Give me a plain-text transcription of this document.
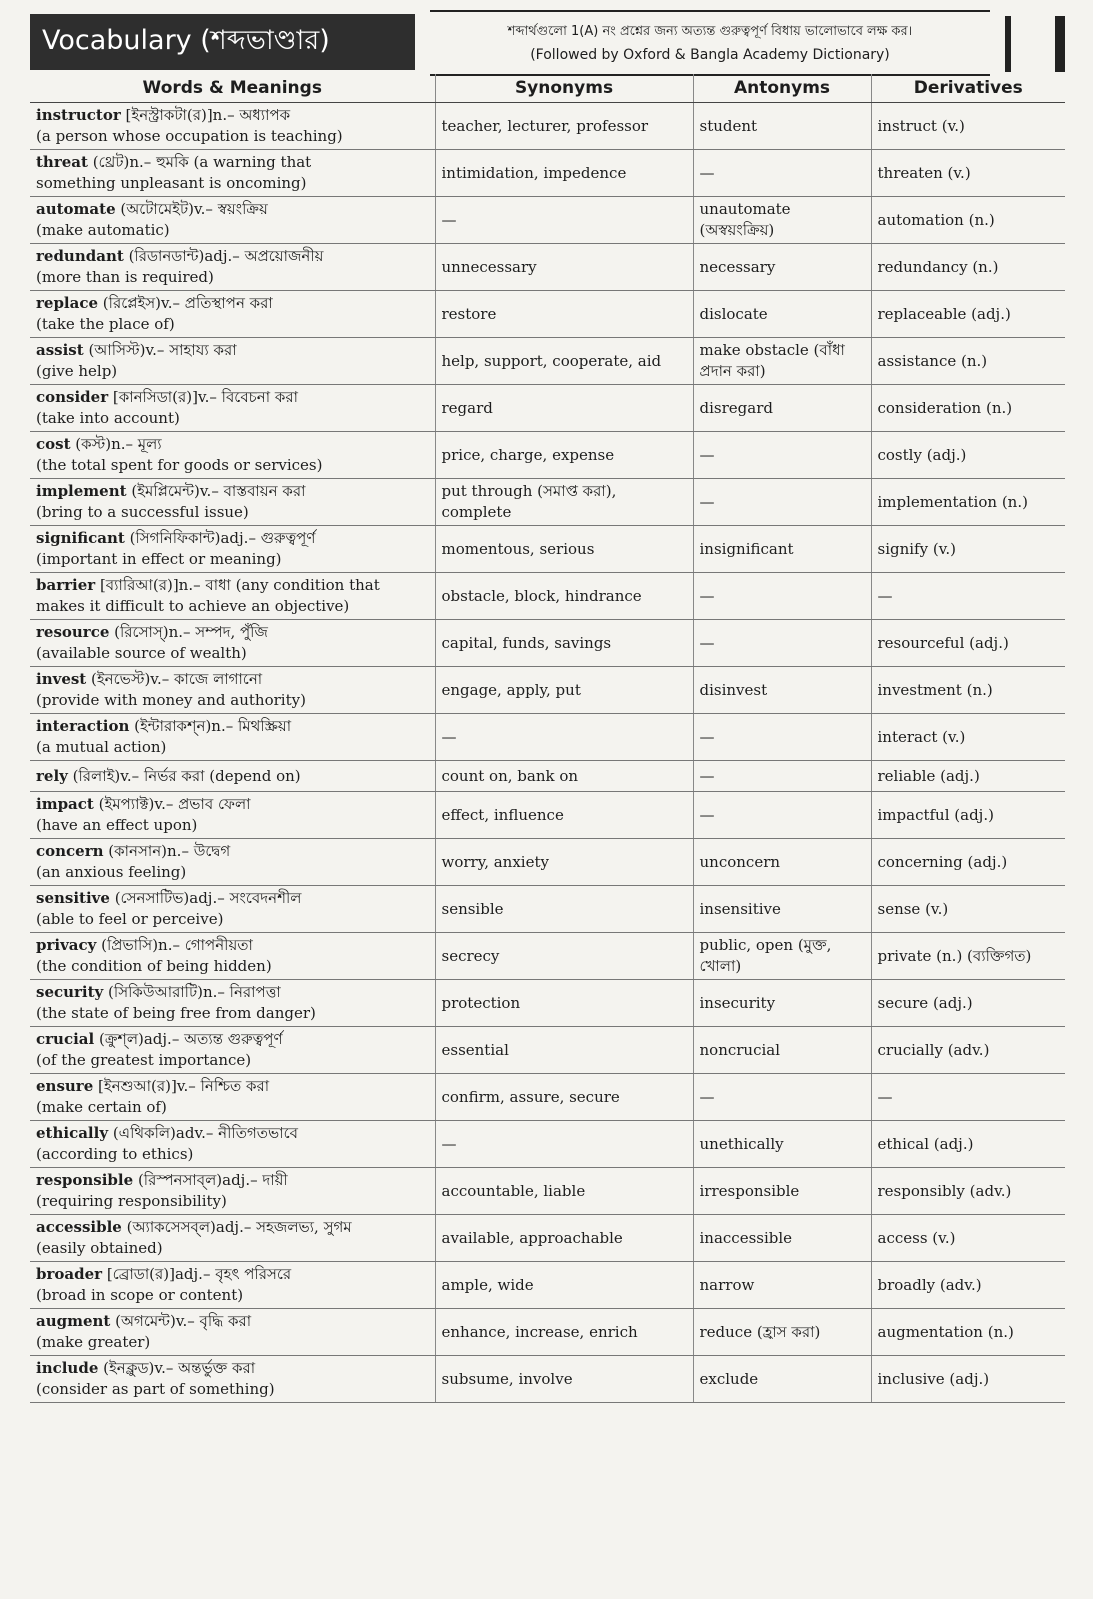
Vocabulary (শব্দভাণ্ডার)	শব্দার্থগুলো 1(A) নং প্রশ্নের জন্য অত্যন্ত গুরুত্বপূর্ণ বিধায় ভালোভাবে লক্ষ কর।
(Followed by Oxford & Bangla Academy Dictionary)
Words & Meanings	Synonyms	Antonyms	Derivatives

instructor [ইনস্ট্রাকটা(র)]n.– অধ্যাপক
(a person whose occupation is teaching)	teacher, lecturer, professor	student	instruct (v.)

threat (থ্রেট)n.– হুমকি (a warning that
something unpleasant is oncoming)	intimidation, impedence	—	threaten (v.)

automate (অটোমেইট)v.– স্বয়ংক্রিয়
(make automatic)	—	unautomate (অস্বয়ংক্রিয়)	automation (n.)

redundant (রিডানডান্ট)adj.– অপ্রয়োজনীয়
(more than is required)	unnecessary	necessary	redundancy (n.)

replace (রিপ্লেইস)v.– প্রতিস্থাপন করা
(take the place of)	restore	dislocate	replaceable (adj.)

assist (আসিস্ট)v.– সাহায্য করা
(give help)	help, support, cooperate, aid	make obstacle (বাঁধা প্রদান করা)	assistance (n.)

consider [কানসিডা(র)]v.– বিবেচনা করা
(take into account)	regard	disregard	consideration (n.)

cost (কস্ট)n.– মূল্য
(the total spent for goods or services)	price, charge, expense	—	costly (adj.)

implement (ইমপ্লিমেন্ট)v.– বাস্তবায়ন করা
(bring to a successful issue)	put through (সমাপ্ত করা), complete	—	implementation (n.)

significant (সিগনিফিকান্ট)adj.– গুরুত্বপূর্ণ
(important in effect or meaning)	momentous, serious	insignificant	signify (v.)

barrier [ব্যারিআ(র)]n.– বাধা (any condition that
makes it difficult to achieve an objective)	obstacle, block, hindrance	—	—

resource (রিসোস্)n.– সম্পদ, পুঁজি
(available source of wealth)	capital, funds, savings	—	resourceful (adj.)

invest (ইনভেস্ট)v.– কাজে লাগানো
(provide with money and authority)	engage, apply, put	disinvest	investment (n.)

interaction (ইন্টারাকশ্‌ন)n.– মিথস্ক্রিয়া
(a mutual action)	—	—	interact (v.)

rely (রিলাই)v.– নির্ভর করা (depend on)	count on, bank on	—	reliable (adj.)

impact (ইমপ্যাক্ট)v.– প্রভাব ফেলা
(have an effect upon)	effect, influence	—	impactful (adj.)

concern (কানসান)n.– উদ্বেগ
(an anxious feeling)	worry, anxiety	unconcern	concerning (adj.)

sensitive (সেনসাটিভ)adj.– সংবেদনশীল
(able to feel or perceive)	sensible	insensitive	sense (v.)

privacy (প্রিভাসি)n.– গোপনীয়তা
(the condition of being hidden)	secrecy	public, open (মুক্ত, খোলা)	private (n.) (ব্যক্তিগত)

security (সিকিউআরাটি)n.– নিরাপত্তা
(the state of being free from danger)	protection	insecurity	secure (adj.)

crucial (ক্রুশ্‌ল)adj.– অত্যন্ত গুরুত্বপূর্ণ
(of the greatest importance)	essential	noncrucial	crucially (adv.)

ensure [ইনশুআ(র)]v.– নিশ্চিত করা
(make certain of)	confirm, assure, secure	—	—

ethically (এথিকলি)adv.– নীতিগতভাবে
(according to ethics)	—	unethically	ethical (adj.)

responsible (রিস্পনসাব্‌ল)adj.– দায়ী
(requiring responsibility)	accountable, liable	irresponsible	responsibly (adv.)

accessible (অ্যাকসেসব্‌ল)adj.– সহজলভ্য, সুগম
(easily obtained)	available, approachable	inaccessible	access (v.)

broader [ব্রোডা(র)]adj.– বৃহৎ পরিসরে
(broad in scope or content)	ample, wide	narrow	broadly (adv.)

augment (অগমেন্ট)v.– বৃদ্ধি করা
(make greater)	enhance, increase, enrich	reduce (হ্রাস করা)	augmentation (n.)

include (ইনক্লুড)v.– অন্তর্ভুক্ত করা
(consider as part of something)	subsume, involve	exclude	inclusive (adj.)
